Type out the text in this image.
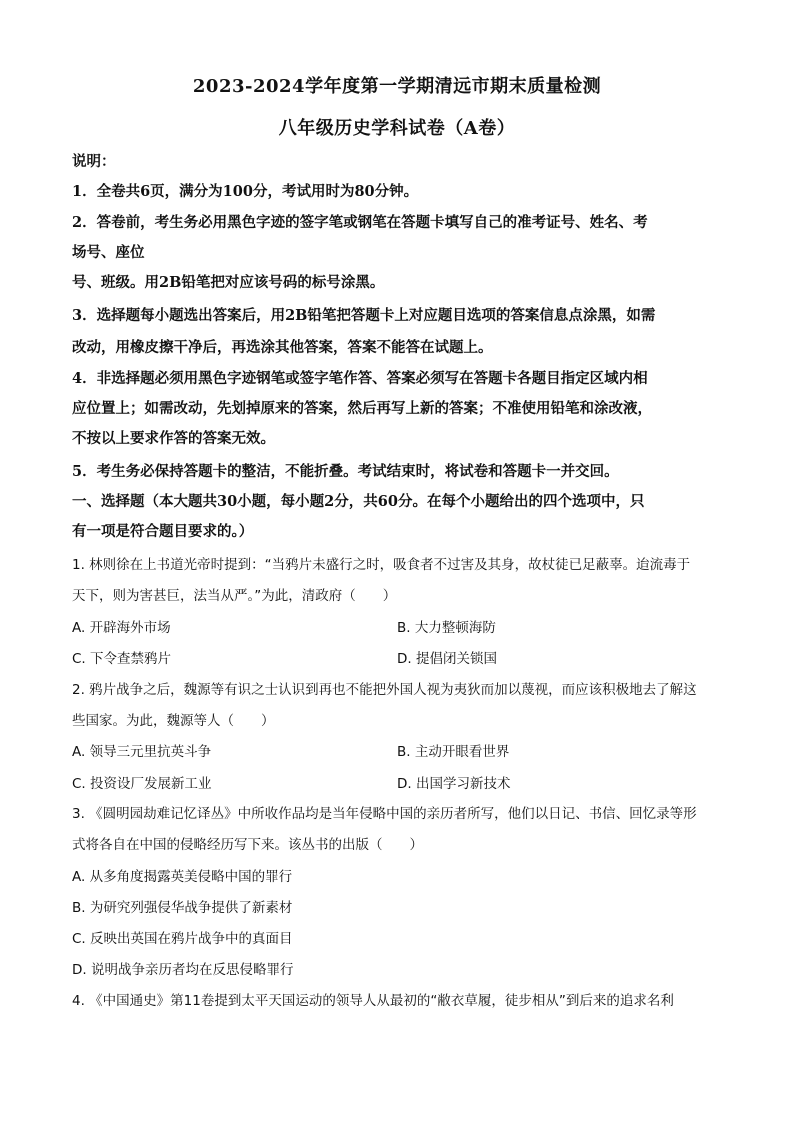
2023-2024学年度第一学期清远市期末质量检测
八年级历史学科试卷（A卷）
说明：
1．全卷共6页，满分为100分，考试用时为80分钟。
2．答卷前，考生务必用黑色字迹的签字笔或钢笔在答题卡填写自己的准考证号、姓名、考
场号、座位
号、班级。用2B铅笔把对应该号码的标号涂黑。
3．选择题每小题选出答案后，用2B铅笔把答题卡上对应题目选项的答案信息点涂黑，如需
改动，用橡皮擦干净后，再选涂其他答案，答案不能答在试题上。
4．非选择题必须用黑色字迹钢笔或签字笔作答、答案必须写在答题卡各题目指定区域内相
应位置上；如需改动，先划掉原来的答案，然后再写上新的答案；不准使用铅笔和涂改液，
不按以上要求作答的答案无效。
5．考生务必保持答题卡的整洁，不能折叠。考试结束时，将试卷和答题卡一并交回。
一、选择题（本大题共30小题，每小题2分，共60分。在每个小题给出的四个选项中，只
有一项是符合题目要求的。）
1. 林则徐在上书道光帝时提到：“当鸦片未盛行之时，吸食者不过害及其身，故杖徒已足蔽辜。迨流毒于
天下，则为害甚巨，法当从严。”为此，清政府（　　）
A. 开辟海外市场	B. 大力整顿海防
C. 下令查禁鸦片	D. 提倡闭关锁国
2. 鸦片战争之后，魏源等有识之士认识到再也不能把外国人视为夷狄而加以蔑视，而应该积极地去了解这
些国家。为此，魏源等人（　　）
A. 领导三元里抗英斗争	B. 主动开眼看世界
C. 投资设厂发展新工业	D. 出国学习新技术
3. 《圆明园劫难记忆译丛》中所收作品均是当年侵略中国的亲历者所写，他们以日记、书信、回忆录等形
式将各自在中国的侵略经历写下来。该丛书的出版（　　）
A. 从多角度揭露英美侵略中国的罪行
B. 为研究列强侵华战争提供了新素材
C. 反映出英国在鸦片战争中的真面目
D. 说明战争亲历者均在反思侵略罪行
4. 《中国通史》第11卷提到太平天国运动的领导人从最初的“敝衣草履，徒步相从”到后来的追求名利
